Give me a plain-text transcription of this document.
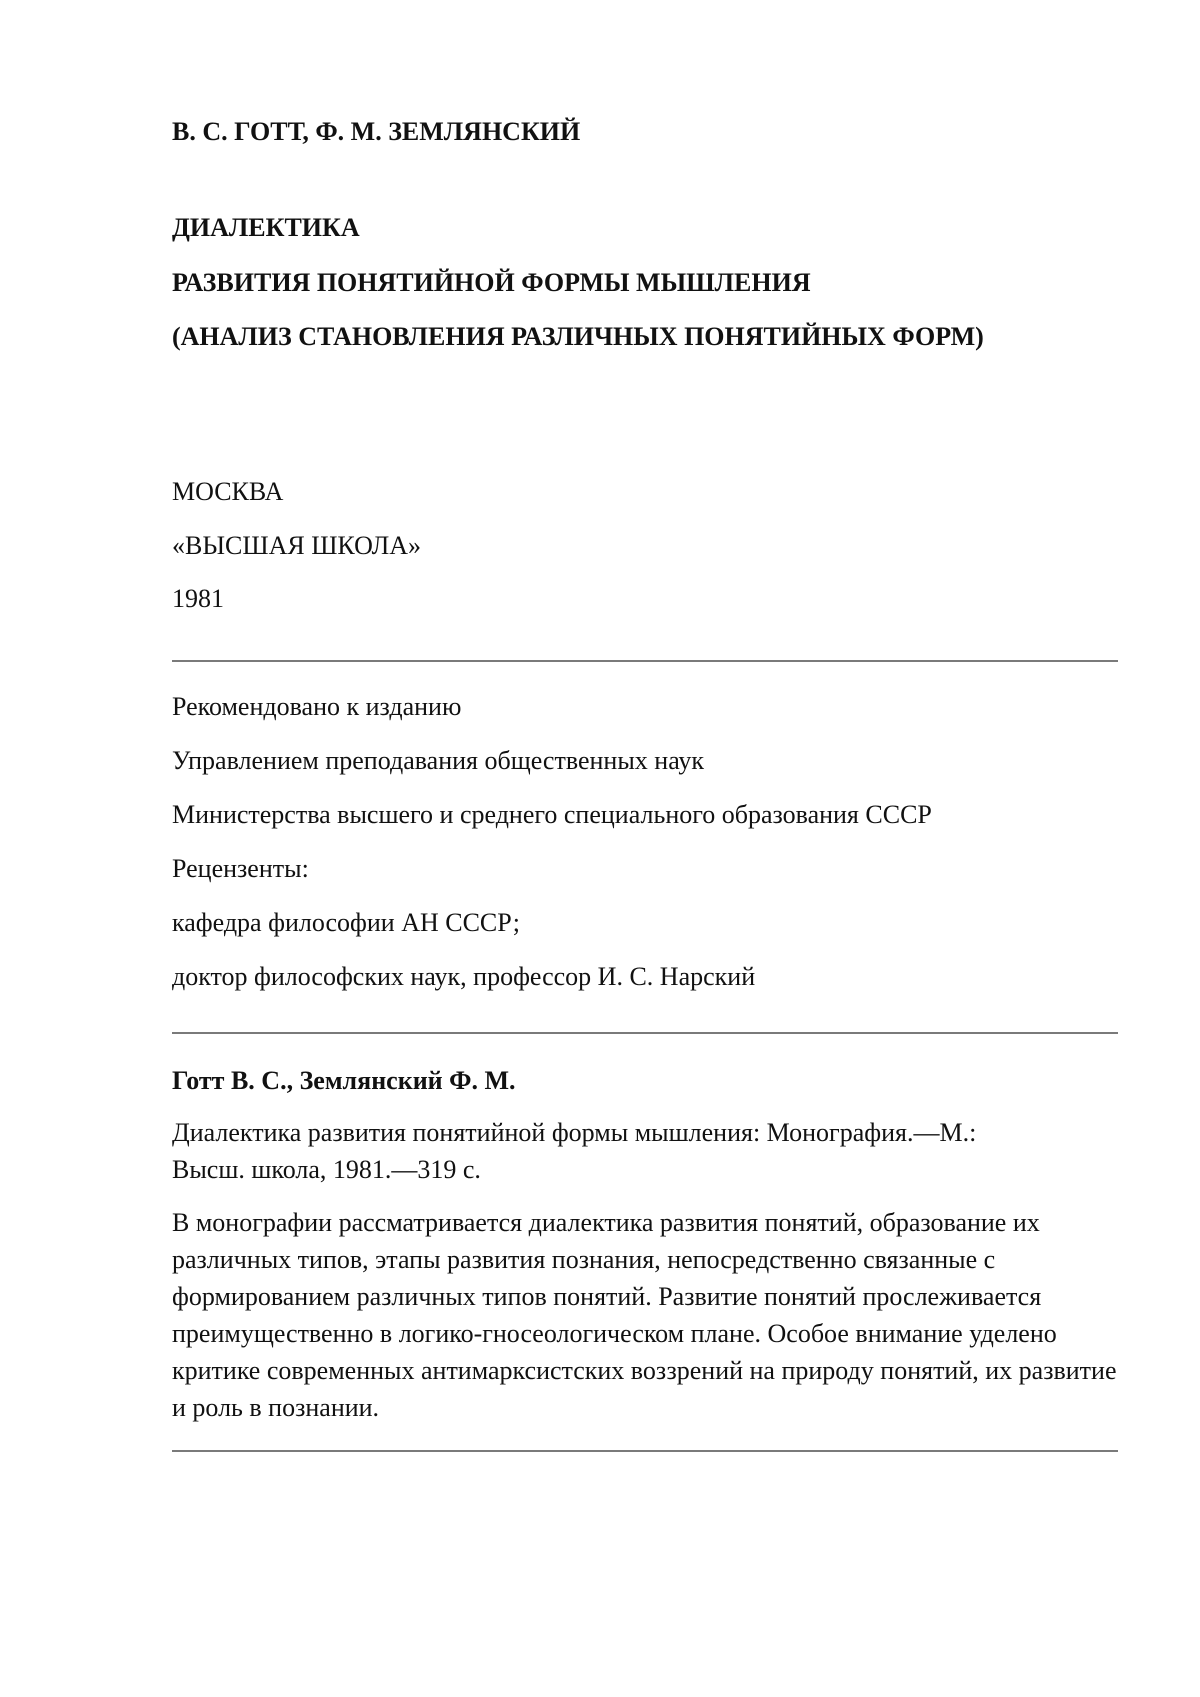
В. С. ГОТТ, Ф. М. ЗЕМЛЯНСКИЙ

ДИАЛЕКТИКА

РАЗВИТИЯ ПОНЯТИЙНОЙ ФОРМЫ МЫШЛЕНИЯ

(АНАЛИЗ СТАНОВЛЕНИЯ РАЗЛИЧНЫХ ПОНЯТИЙНЫХ ФОРМ)

МОСКВА

«ВЫСШАЯ ШКОЛА»

1981

Рекомендовано к изданию

Управлением преподавания общественных наук

Министерства высшего и среднего специального образования СССР

Рецензенты:

кафедра философии АН СССР;

доктор философских наук, профессор И. С. Нарский

Готт В. С., Землянский Ф. М.

Диалектика развития понятийной формы мышления: Монография.—М.: Высш. школа, 1981.—319 с.

В монографии рассматривается диалектика развития понятий, образование их различных типов, этапы развития познания, непосредственно связанные с формированием различных типов понятий. Развитие понятий прослеживается преимущественно в логико-гносеологическом плане. Особое внимание уделено критике современных антимарксистских воззрений на природу понятий, их развитие и роль в познании.
